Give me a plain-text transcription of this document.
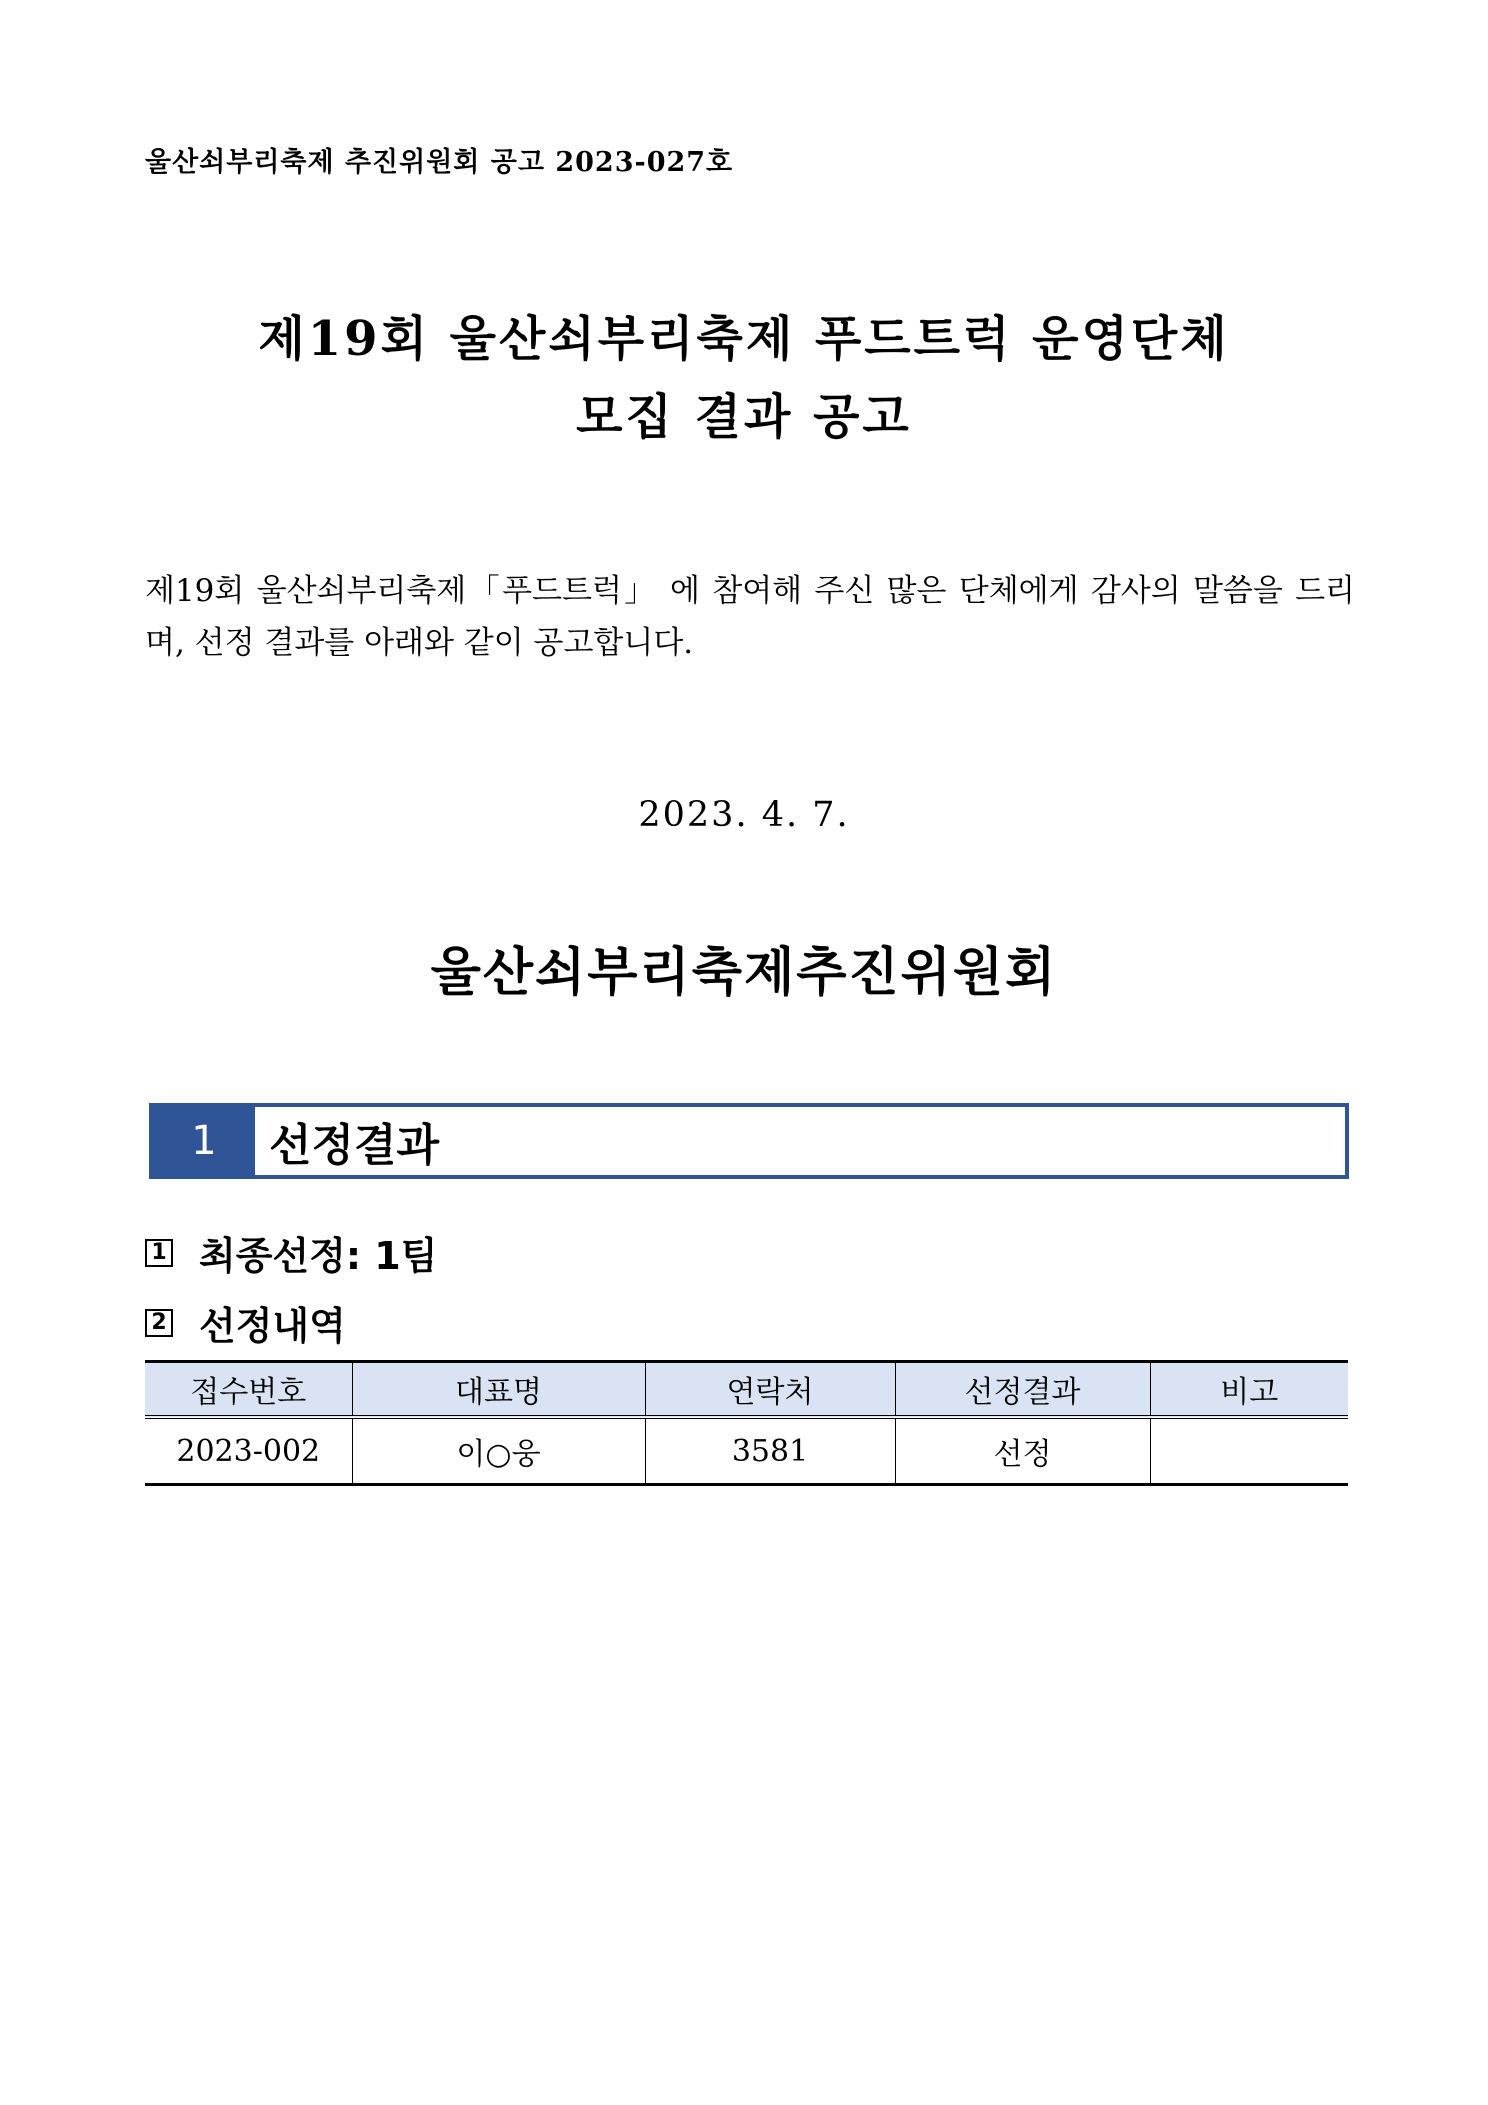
울산쇠부리축제 추진위원회 공고 2023-027호
제19회 울산쇠부리축제 푸드트럭 운영단체
모집 결과 공고
제19회 울산쇠부리축제「푸드트럭」 에 참여해 주신 많은 단체에게 감사의 말씀을 드리며, 선정 결과를 아래와 같이 공고합니다.
2023. 4. 7.
울산쇠부리축제추진위원회
1	선정결과
1 최종선정: 1팀
2 선정내역
접수번호	대표명	연락처	선정결과	비고
2023-002	이○웅	3581	선정	
